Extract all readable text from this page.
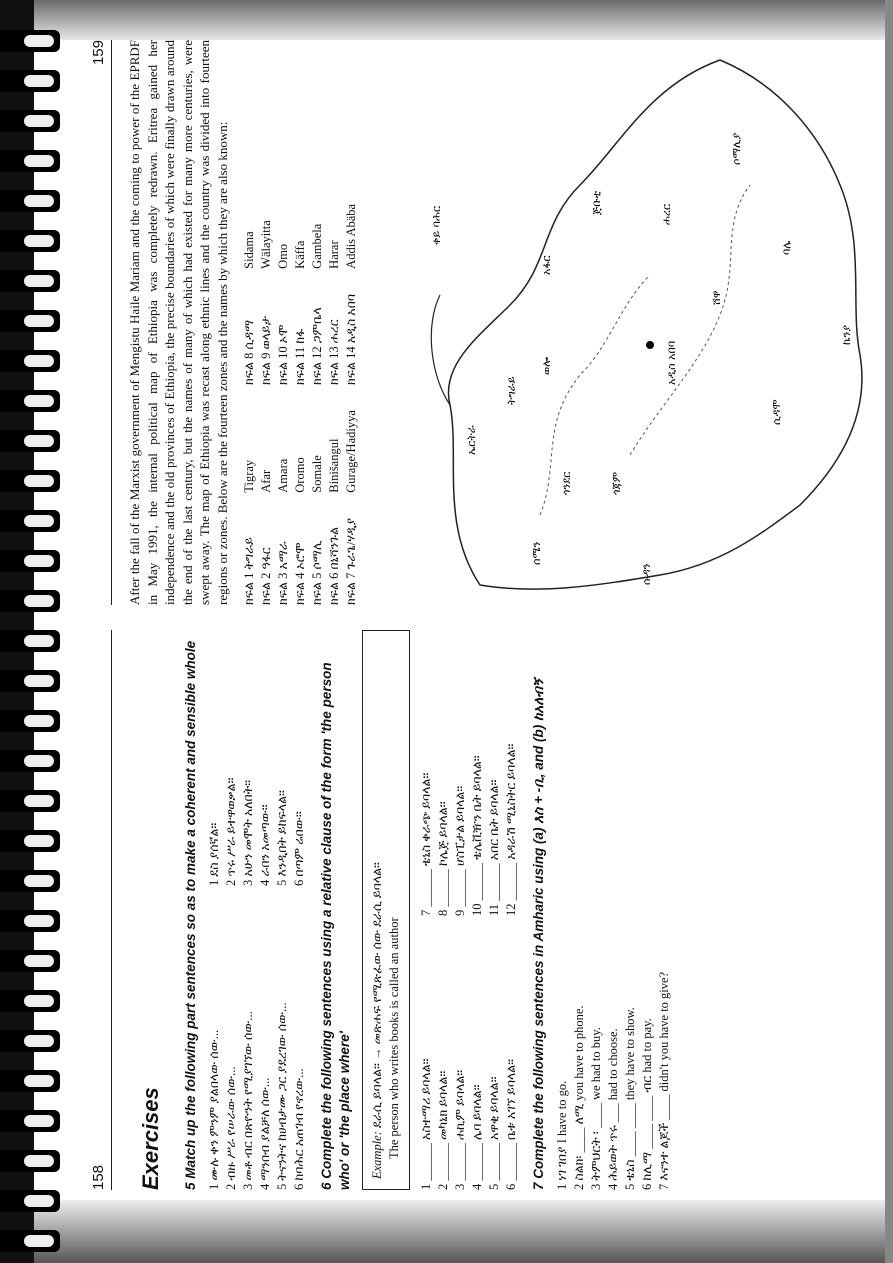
158 Exercises 5 Match up the following part sentences so as to make a coherent and sensible whole 1 ሙሉ ቀን ምንም ያልበላው ሰው... 2 ብዙ ሥራ የሠራው ሰው... 3 መቶ ብር በጽዮንት የሚያገኘው ሰው... 4 ማንበብ ያልቻለ ሰው... 5 ትናንትና ከሀብታሙ ጋር ያደረገው ሰው... 6 ከባሕር አጠገብ የኖረው...

1 ደስ ያሰኛል። 2 ጥሩ ሥራ ይተዋወቃል። 3 አሁን መሞት አለበት። 4 ራበን አመጣው። 5 እንዲበት ይከፍላል። 6 በጣም ሬበው። 6 Complete the following sentences using a relative clause of the form 'the person who' or 'the place where' Example: ደራሲ ይባላል። → መጽሐፍ የሚጽፈው ሰው ደራሲ ይባላል። The person who writes books is called an author 1 ______ አስተማሪ ይባላል። 2 ______ መካኒክ ይባላል። 3 ______ ሐኪም ይባላል። 4 ______ ሌባ ይባላል። 5 ______ አዋቂ ይባላል። 6 ______ ቤቱ አገኘ ይባላል።

7 ______ ቴኒስ ቀራጭ ይባላል። 8 ______ ኮሌጅ ይባላል። 9 ______ ሆስፒታል ይባላል። 10 ______ ቴሌቪዥን ቤት ይባላል። 11 ______ አበር ቤት ይባላል። 12 ______ አዳራሽ ሚኒስትር ይባላል። 7 Complete the following sentences in Amharic using (a) እስ + -ቢ, and (b) ከአለብኝ 1 ነገ ገበያ I have to go. 2 ስልክ፡ ____ ለሚ you have to phone. 3 ትምህርት ፡ ____ we had to buy. 4 ሕይወት ጥሩ ___ had to choose. 5 ቴኒስ ____ ____ they have to show. 6 ከሊማ ____ ____ ብር had to pay. 7 እናንተ ልጆች ____ didn't you have to give?
159 After the fall of the Marxist government of Mengistu Haile Mariam and the coming to power of the EPRDF in May 1991, the internal political map of Ethiopia was completely redrawn. Eritrea gained her independence and the old provinces of Ethiopia, the precise boundaries of which were finally drawn around the end of the last century, but the names of many of which had existed for many more centuries, were swept away. The map of Ethiopia was recast along ethnic lines and the country was divided into fourteen regions or zones. Below are the fourteen zones and the names by which they are also known: ክፍል 1 ትግራይ ክፍል 2 ዓፋር ክፍል 3 አማራ ክፍል 4 ኦሮሞ ክፍል 5 ሶማሊ ክፍል 6 በኒሻንጉል ክፍል 7 ጉራጌ/ሃዲያ

Tigray Afar Amara Oromo Somale Binišangul Gurage/Hadiyya

ክፍል 8 ሲዳማ ክፍል 9 ወላይታ ክፍል 10 ኦሞ ክፍል 11 ከፋ ክፍል 12 ጋምቤላ ክፍል 13 ሐረር ክፍል 14 አዲስ አበባ

Sidama Wälayitta Omo Käffa Gambela Harar Addis Abäba	ቀይ ባሕር
ኤርትራ
ትግራይ
አፋር
ጎንደር
ወሎ
ሰሜን
ጎጃም
አዲስ አበባ
ጅቡቲ	ሐረር
ሶማሊያ
ሸዋ
ባሌ
ሱዳን
ኬንያ
ሲዳሞ
